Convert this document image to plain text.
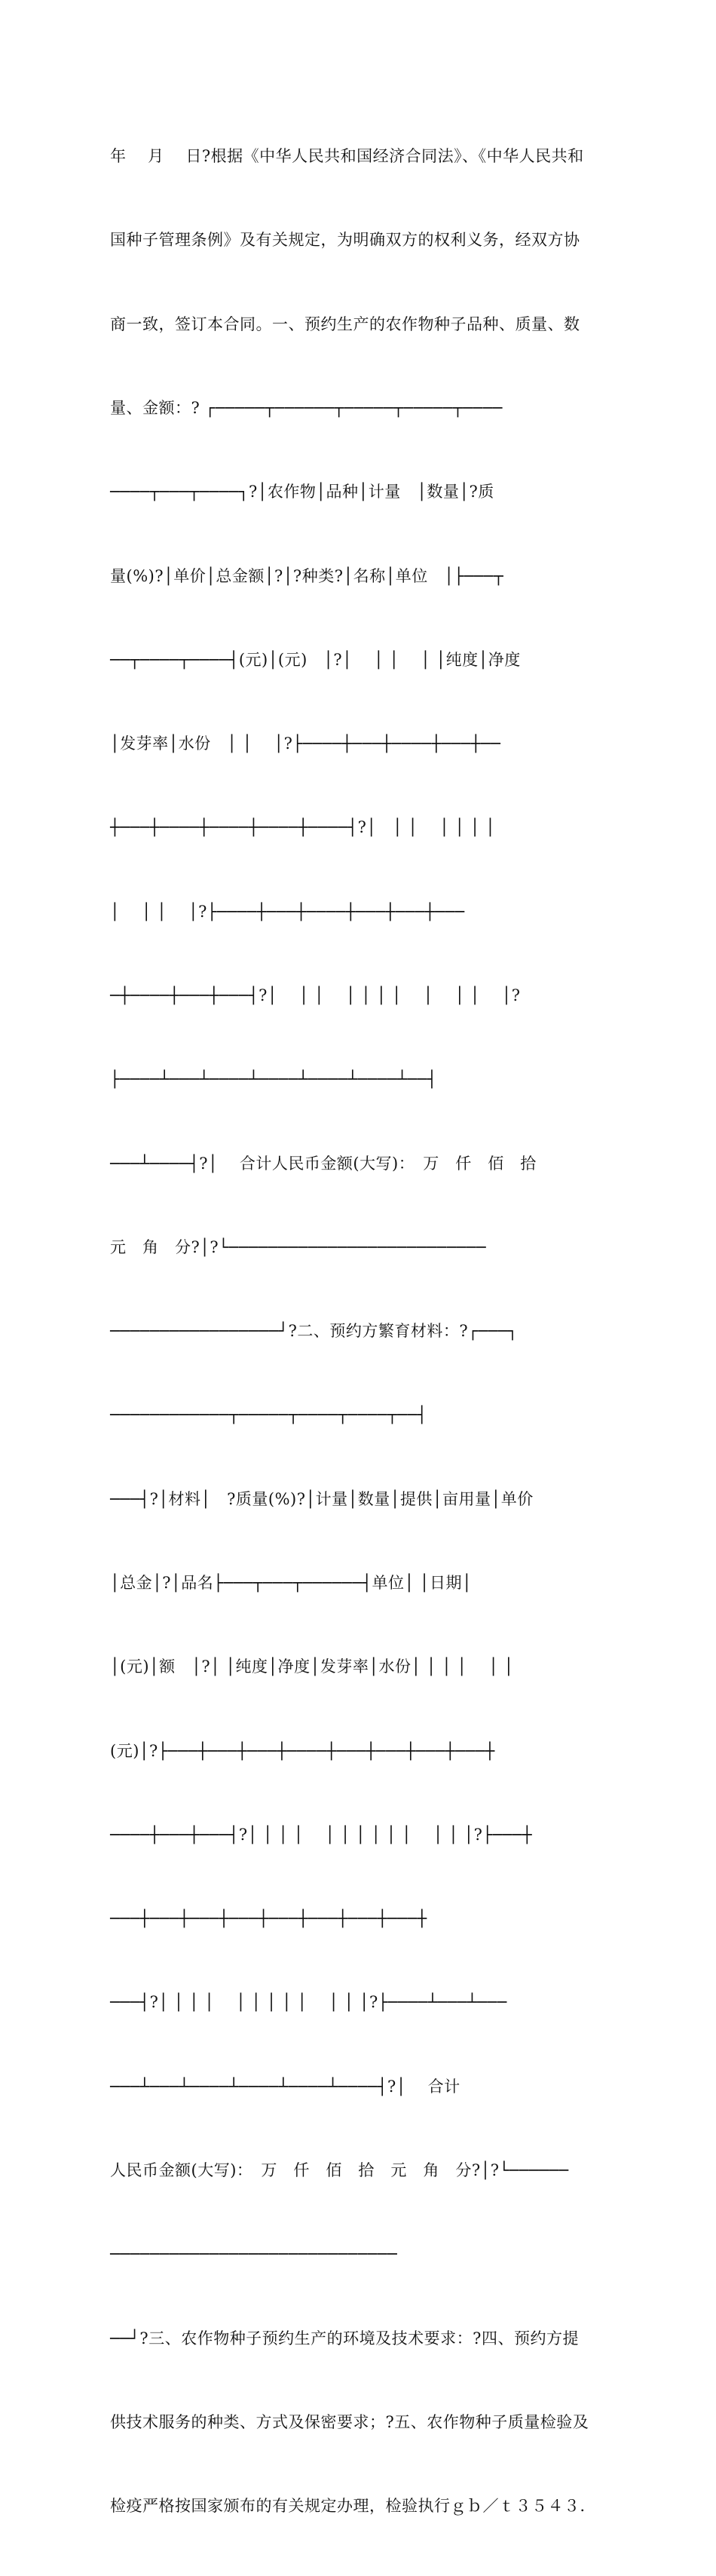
年　 月　 日?根据《中华人民共和国经济合同法》、《中华人民共和

国种子管理条例》及有关规定，为明确双方的权利义务，经双方协

商一致，签订本合同。一、预约生产的农作物种子品种、质量、数

量、金额：? ┌─────┬──────┬─────┬─────┬────

────┬───┬────┐?│农作物│品种│计量　│数量│?质

量(%)?│单价│总金额│?│?种类?│名称│单位　│├───┬

──┬────┬────┤(元)│(元)　│?│　 │ │　 │ │纯度│净度

│发芽率│水份　│ │　 │?├────┼───┼────┼───┼──

┼───┼────┼────┼────┼────┤?│　│ │　 │ │ │ │

│　 │ │　 │?├────┼───┼────┼───┼───┼───

─┼────┼───┼───┤?│　 │ │　 │ │ │ │　 │　 │ │　 │?

├────┴───┴────┴────┴────┴────┴──┤

───┴────┤?│　 合计人民币金额(大写)：　万　仟　佰　拾

元　角　分?│?└──────────────────────────

─────────────────┘?二、预约方繁育材料：?┌───┐

────────────┬─────┬────┬────┬──┤

───┤?│材料│　?质量(%)?│计量│数量│提供│亩用量│单价

│总金│?│品名├───┬───┬──────┤单位│ │日期│

│(元)│额　│?│ │纯度│净度│发芽率│水份│ │ │ │　 │ │

(元)│?├───┼───┼───┼────┼───┼───┼───┼───┼

────┼───┼───┤?│ │ │ │　 │ │ │ │ │ │　 │ │ │?├───┼

───┼───┼───┼───┼───┼───┼───┼───┼

───┤?│ │ │ │　 │ │ │ │ │　 │ │ │?├────┴───┴───

───┴───┴────┴────┴────┴────┤?│　 合计

人民币金额(大写)：　万　仟　佰　拾　元　角　分?│?└──────

─────────────────────────────

──┘?三、农作物种子预约生产的环境及技术要求：?四、预约方提

供技术服务的种类、方式及保密要求；?五、农作物种子质量检验及

检疫严格按国家颁布的有关规定办理，检验执行ｇｂ／ｔ３５４３．
